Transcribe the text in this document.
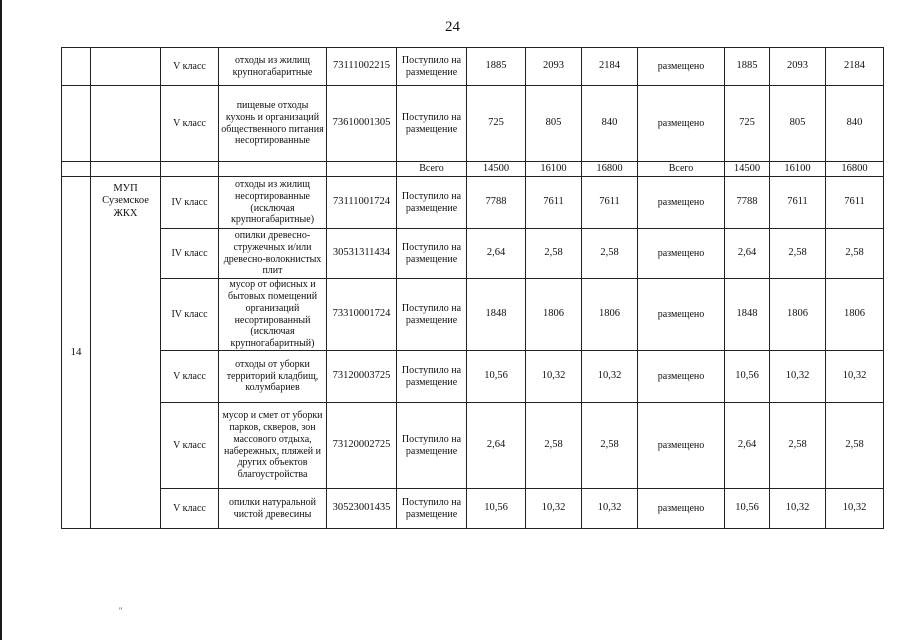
24
		V класс	отходы из жилищ крупногабаритные	73111002215	Поступило на размещение	1885	2093	2184	размещено	1885	2093	2184
		V класс	пищевые отходы кухонь и организаций общественного питания несортированные	73610001305	Поступило на размещение	725	805	840	размещено	725	805	840
					Всего	14500	16100	16800	Всего	14500	16100	16800
14	МУП Суземское ЖКХ	IV класс	отходы из жилищ несортированные (исключая крупногабаритные)	73111001724	Поступило на размещение	7788	7611	7611	размещено	7788	7611	7611
		IV класс	опилки древесно-стружечных и/или древесно-волокнистых плит	30531311434	Поступило на размещение	2,64	2,58	2,58	размещено	2,64	2,58	2,58
		IV класс	мусор от офисных и бытовых помещений организаций несортированный (исключая крупногабаритный)	73310001724	Поступило на размещение	1848	1806	1806	размещено	1848	1806	1806
		V класс	отходы от уборки территорий кладбищ, колумбариев	73120003725	Поступило на размещение	10,56	10,32	10,32	размещено	10,56	10,32	10,32
		V класс	мусор и смет от уборки парков, скверов, зон массового отдыха, набережных, пляжей и других объектов благоустройства	73120002725	Поступило на размещение	2,64	2,58	2,58	размещено	2,64	2,58	2,58
		V класс	опилки натуральной чистой древесины	30523001435	Поступило на размещение	10,56	10,32	10,32	размещено	10,56	10,32	10,32
''
